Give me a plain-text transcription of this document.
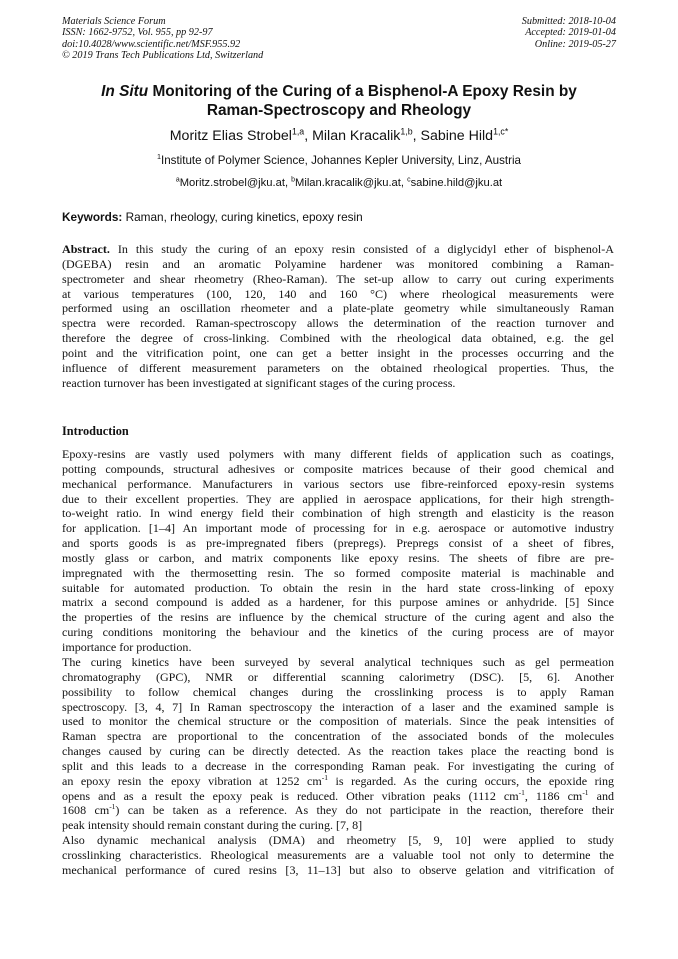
Materials Science Forum
ISSN: 1662-9752, Vol. 955, pp 92-97
doi:10.4028/www.scientific.net/MSF.955.92
© 2019 Trans Tech Publications Ltd, Switzerland
Submitted: 2018-10-04
Accepted: 2019-01-04
Online: 2019-05-27
In Situ Monitoring of the Curing of a Bisphenol-A Epoxy Resin by
Raman-Spectroscopy and Rheology
Moritz Elias Strobel$^{1,a}$, Milan Kracalik$^{1,b}$, Sabine Hild$^{1,c*}$
$^1$Institute of Polymer Science, Johannes Kepler University, Linz, Austria
$^a$Moritz.strobel@jku.at, $^b$Milan.kracalik@jku.at, $^c$sabine.hild@jku.at
Keywords: Raman, rheology, curing kinetics, epoxy resin
Abstract. In this study the curing of an epoxy resin consisted of a diglycidyl ether of bisphenol-A
(DGEBA) resin and an aromatic Polyamine hardener was monitored combining a Raman-
spectrometer and shear rheometry (Rheo-Raman). The set-up allow to carry out curing experiments
at various temperatures (100, 120, 140 and 160 °C) where rheological measurements were
performed using an oscillation rheometer and a plate-plate geometry while simultaneously Raman
spectra were recorded. Raman-spectroscopy allows the determination of the reaction turnover and
therefore the degree of cross-linking. Combined with the rheological data obtained, e.g. the gel
point and the vitrification point, one can get a better insight in the processes occurring and the
influence of different measurement parameters on the obtained rheological properties. Thus, the
reaction turnover has been investigated at significant stages of the curing process.
Introduction
Epoxy-resins are vastly used polymers with many different fields of application such as coatings,
potting compounds, structural adhesives or composite matrices because of their good chemical and
mechanical performance. Manufacturers in various sectors use fibre-reinforced epoxy-resin systems
due to their excellent properties. They are applied in aerospace applications, for their high strength-
to-weight ratio. In wind energy field their combination of high strength and elasticity is the reason
for application. [1–4] An important mode of processing for in e.g. aerospace or automotive industry
and sports goods is as pre-impregnated fibers (prepregs). Prepregs consist of a sheet of fibres,
mostly glass or carbon, and matrix components like epoxy resins. The sheets of fibre are pre-
impregnated with the thermosetting resin. The so formed composite material is machinable and
suitable for automated production. To obtain the resin in the hard state cross-linking of epoxy
matrix a second compound is added as a hardener, for this purpose amines or anhydride. [5] Since
the properties of the resins are influence by the chemical structure of the curing agent and also the
curing conditions monitoring the behaviour and the kinetics of the curing process are of mayor
importance for production.
The curing kinetics have been surveyed by several analytical techniques such as gel permeation
chromatography (GPC), NMR or differential scanning calorimetry (DSC). [5, 6]. Another
possibility to follow chemical changes during the crosslinking process is to apply Raman
spectroscopy. [3, 4, 7] In Raman spectroscopy the interaction of a laser and the examined sample is
used to monitor the chemical structure or the composition of materials. Since the peak intensities of
Raman spectra are proportional to the concentration of the associated bonds of the molecules
changes caused by curing can be directly detected. As the reaction takes place the reacting bond is
split and this leads to a decrease in the corresponding Raman peak. For investigating the curing of
an epoxy resin the epoxy vibration at 1252 $cm^{-1}$ is regarded. As the curing occurs, the epoxide ring
opens and as a result the epoxy peak is reduced. Other vibration peaks (1112 $cm^{-1}$, 1186 $cm^{-1}$ and
1608 $cm^{-1}$) can be taken as a reference. As they do not participate in the reaction, therefore their
peak intensity should remain constant during the curing. [7, 8]
Also dynamic mechanical analysis (DMA) and rheometry [5, 9, 10] were applied to study
crosslinking characteristics. Rheological measurements are a valuable tool not only to determine the
mechanical performance of cured resins [3, 11–13] but also to observe gelation and vitrification of
